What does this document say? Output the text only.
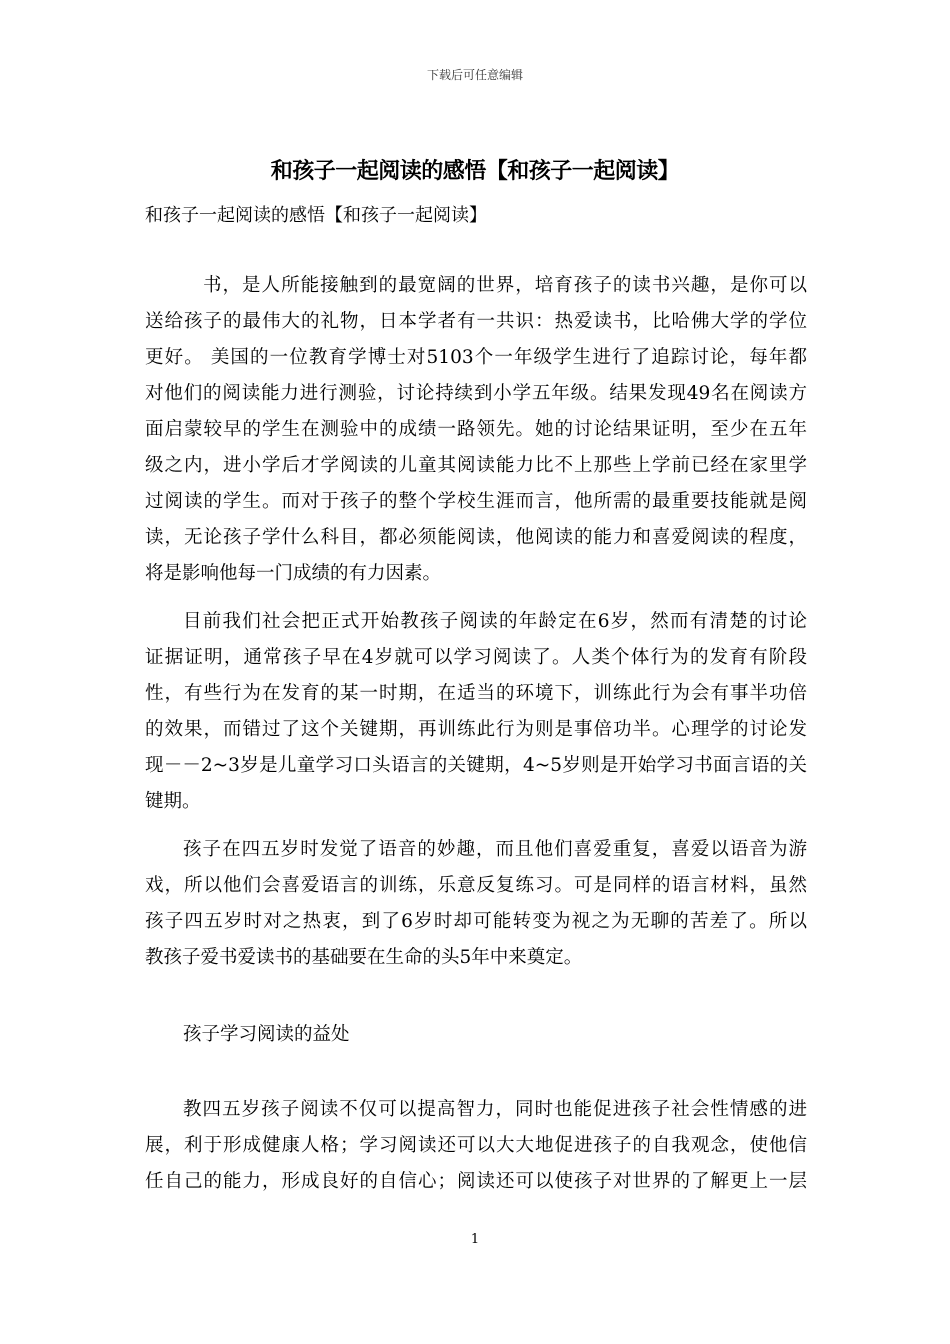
下载后可任意编辑
和孩子一起阅读的感悟【和孩子一起阅读】
和孩子一起阅读的感悟【和孩子一起阅读】
书，是人所能接触到的最宽阔的世界，培育孩子的读书兴趣，是你可以
送给孩子的最伟大的礼物，日本学者有一共识：热爱读书，比哈佛大学的学位
更好。 美国的一位教育学博士对5103个一年级学生进行了追踪讨论，每年都
对他们的阅读能力进行测验，讨论持续到小学五年级。结果发现49名在阅读方
面启蒙较早的学生在测验中的成绩一路领先。她的讨论结果证明，至少在五年
级之内，进小学后才学阅读的儿童其阅读能力比不上那些上学前已经在家里学
过阅读的学生。而对于孩子的整个学校生涯而言，他所需的最重要技能就是阅
读，无论孩子学什么科目，都必须能阅读，他阅读的能力和喜爱阅读的程度，
将是影响他每一门成绩的有力因素。
目前我们社会把正式开始教孩子阅读的年龄定在6岁，然而有清楚的讨论
证据证明，通常孩子早在4岁就可以学习阅读了。人类个体行为的发育有阶段
性，有些行为在发育的某一时期，在适当的环境下，训练此行为会有事半功倍
的效果，而错过了这个关键期，再训练此行为则是事倍功半。心理学的讨论发
现－－2~3岁是儿童学习口头语言的关键期，4~5岁则是开始学习书面言语的关
键期。
孩子在四五岁时发觉了语音的妙趣，而且他们喜爱重复，喜爱以语音为游
戏，所以他们会喜爱语言的训练，乐意反复练习。可是同样的语言材料，虽然
孩子四五岁时对之热衷，到了6岁时却可能转变为视之为无聊的苦差了。所以
教孩子爱书爱读书的基础要在生命的头5年中来奠定。
孩子学习阅读的益处
教四五岁孩子阅读不仅可以提高智力，同时也能促进孩子社会性情感的进
展，利于形成健康人格；学习阅读还可以大大地促进孩子的自我观念，使他信
任自己的能力，形成良好的自信心；阅读还可以使孩子对世界的了解更上一层
1
